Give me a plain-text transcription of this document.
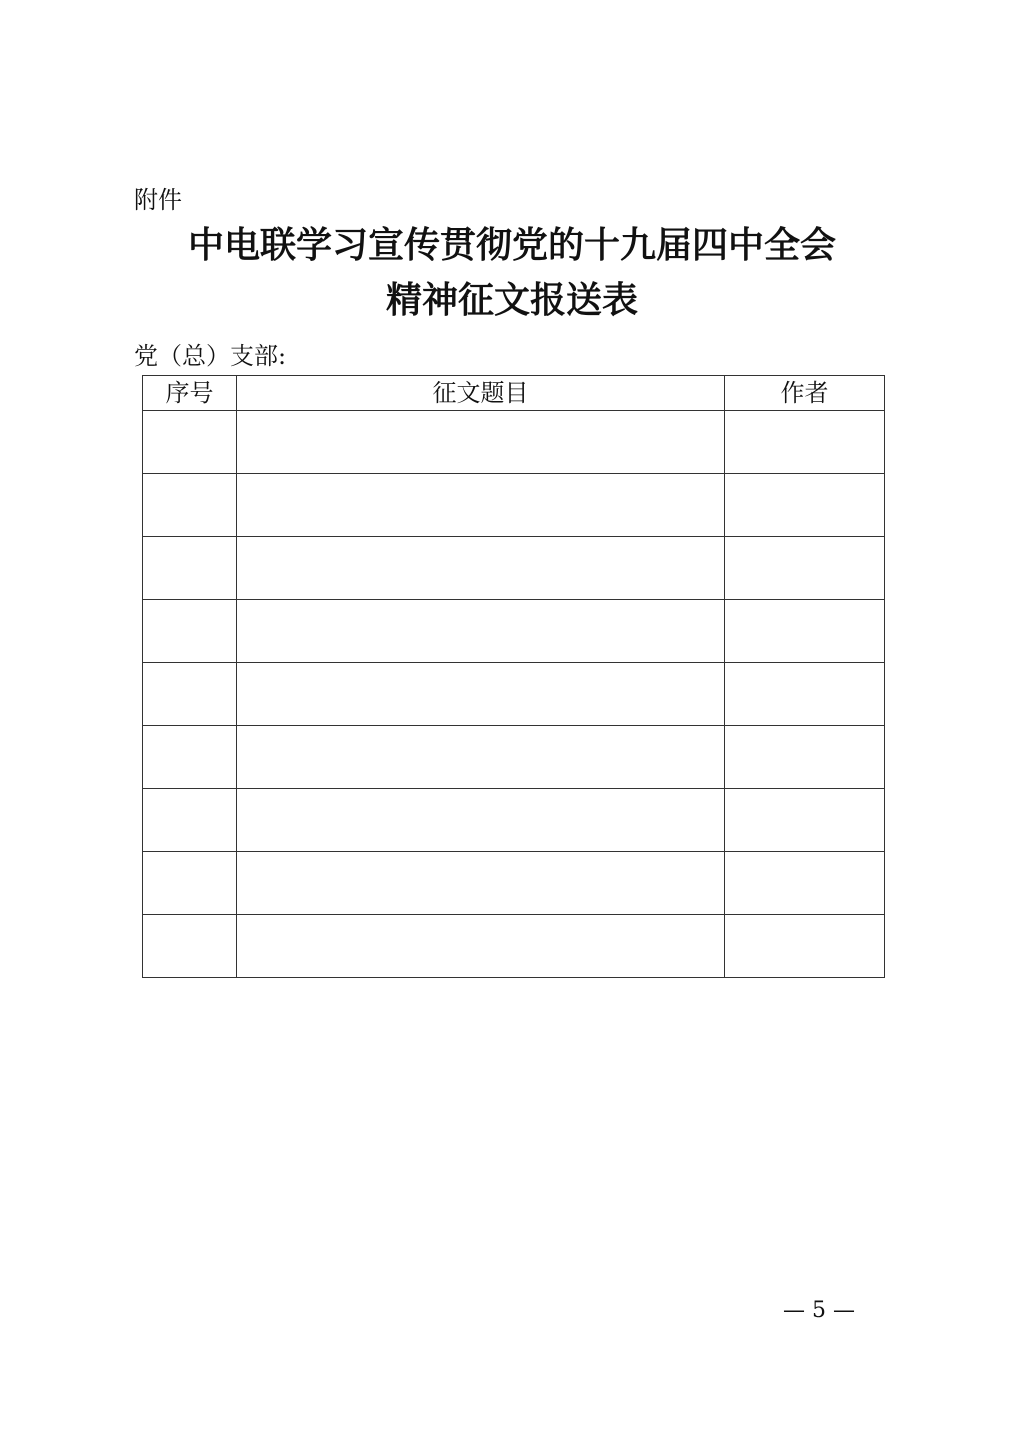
附件
中电联学习宣传贯彻党的十九届四中全会
精神征文报送表

党（总）支部:

序号	征文题目	作者

— 5 —
